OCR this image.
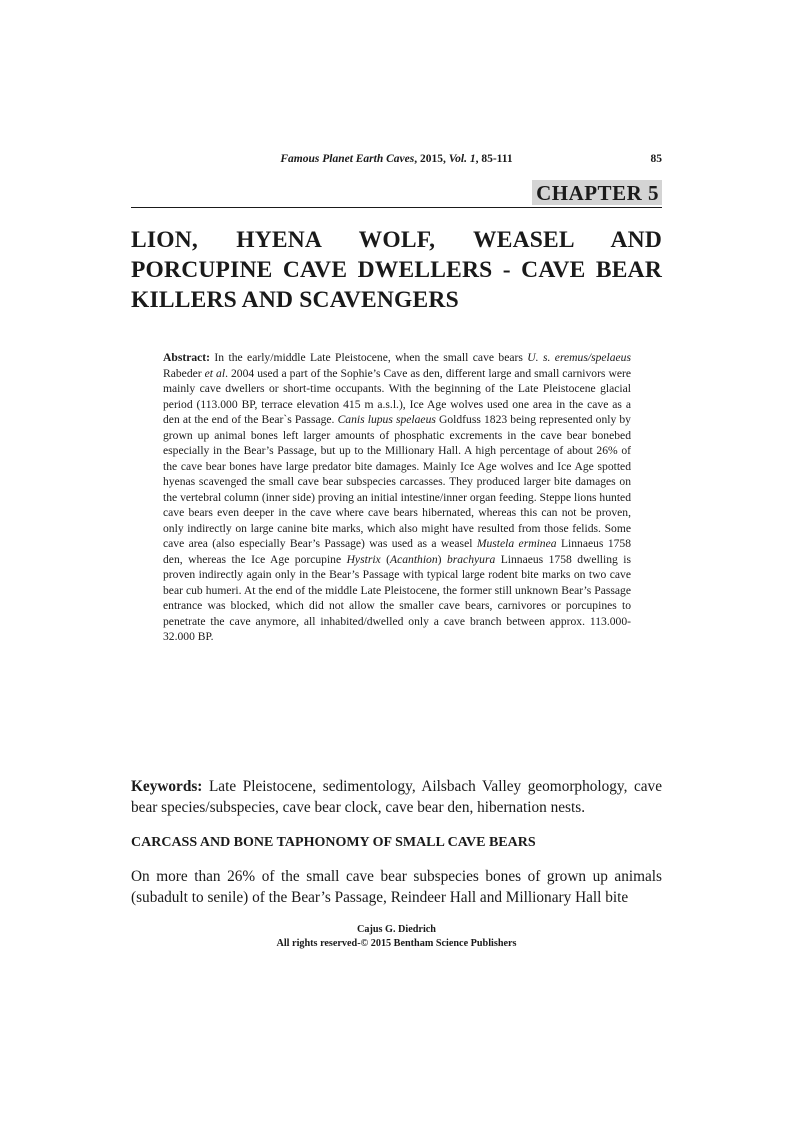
Famous Planet Earth Caves, 2015, Vol. 1, 85-111	85
CHAPTER 5
LION, HYENA WOLF, WEASEL AND PORCUPINE CAVE DWELLERS - CAVE BEAR KILLERS AND SCAVENGERS

Abstract: In the early/middle Late Pleistocene, when the small cave bears U. s. eremus/spelaeus Rabeder et al. 2004 used a part of the Sophie’s Cave as den, different large and small carnivors were mainly cave dwellers or short-time occupants. With the beginning of the Late Pleistocene glacial period (113.000 BP, terrace elevation 415 m a.s.l.), Ice Age wolves used one area in the cave as a den at the end of the Bear`s Passage. Canis lupus spelaeus Goldfuss 1823 being represented only by grown up animal bones left larger amounts of phosphatic excrements in the cave bear bonebed especially in the Bear’s Passage, but up to the Millionary Hall. A high percentage of about 26% of the cave bear bones have large predator bite damages. Mainly Ice Age wolves and Ice Age spotted hyenas scavenged the small cave bear subspecies carcasses. They produced larger bite damages on the vertebral column (inner side) proving an initial intestine/inner organ feeding. Steppe lions hunted cave bears even deeper in the cave where cave bears hibernated, whereas this can not be proven, only indirectly on large canine bite marks, which also might have resulted from those felids. Some cave area (also especially Bear’s Passage) was used as a weasel Mustela erminea Linnaeus 1758 den, whereas the Ice Age porcupine Hystrix (Acanthion) brachyura Linnaeus 1758 dwelling is proven indirectly again only in the Bear’s Passage with typical large rodent bite marks on two cave bear cub humeri. At the end of the middle Late Pleistocene, the former still unknown Bear’s Passage entrance was blocked, which did not allow the smaller cave bears, carnivores or porcupines to penetrate the cave anymore, all inhabited/dwelled only a cave branch between approx. 113.000-32.000 BP.

Keywords: Late Pleistocene, sedimentology, Ailsbach Valley geomorphology, cave bear species/subspecies, cave bear clock, cave bear den, hibernation nests.

CARCASS AND BONE TAPHONOMY OF SMALL CAVE BEARS

On more than 26% of the small cave bear subspecies bones of grown up animals (subadult to senile) of the Bear’s Passage, Reindeer Hall and Millionary Hall bite

Cajus G. Diedrich
All rights reserved-© 2015 Bentham Science Publishers
